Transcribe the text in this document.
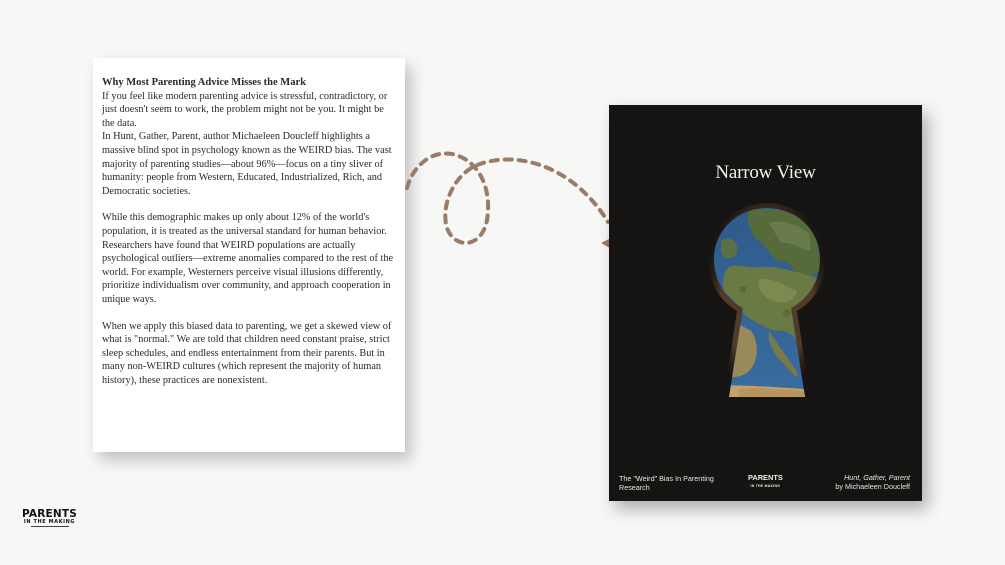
Why Most Parenting Advice Misses the Mark

If you feel like modern parenting advice is stressful, contradictory, or just doesn't seem to work, the problem might not be you. It might be the data.

In Hunt, Gather, Parent, author Michaeleen Doucleff highlights a massive blind spot in psychology known as the WEIRD bias. The vast majority of parenting studies—about 96%—focus on a tiny sliver of humanity: people from Western, Educated, Industrialized, Rich, and Democratic societies.

While this demographic makes up only about 12% of the world's population, it is treated as the universal standard for human behavior. Researchers have found that WEIRD populations are actually psychological outliers—extreme anomalies compared to the rest of the world. For example, Westerners perceive visual illusions differently, prioritize individualism over community, and approach cooperation in unique ways.

When we apply this biased data to parenting, we get a skewed view of what is "normal." We are told that children need constant praise, strict sleep schedules, and endless entertainment from their parents. But in many non-WEIRD cultures (which represent the majority of human history), these practices are nonexistent.

Narrow View
The "Weird" Bias In Parenting Research
PARENTS
IN THE MAKING
Hunt, Gather, Parent
by Michaeleen Doucleff
PARENTS
IN THE MAKING
